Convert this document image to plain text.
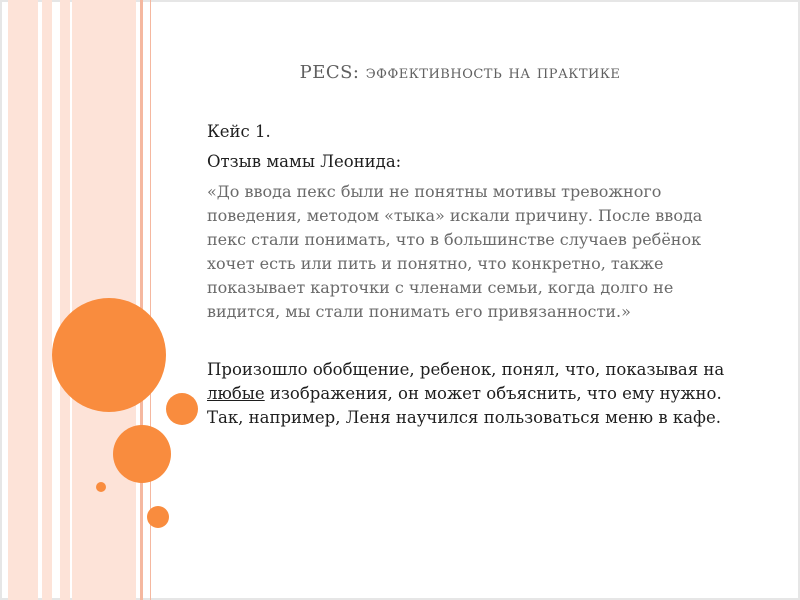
PECS: эффективность на практике

Кейс 1.

Отзыв мамы Леонида:

«До ввода пекс были не понятны мотивы тревожного поведения, методом «тыка» искали причину. После ввода пекс стали понимать, что в большинстве случаев ребёнок хочет есть или пить и понятно, что конкретно, также показывает карточки с членами семьи, когда долго не видится, мы стали понимать его привязанности.»

Произошло обобщение, ребенок, понял, что, показывая на любые изображения, он может объяснить, что ему нужно. Так, например, Леня научился пользоваться меню в кафе.
